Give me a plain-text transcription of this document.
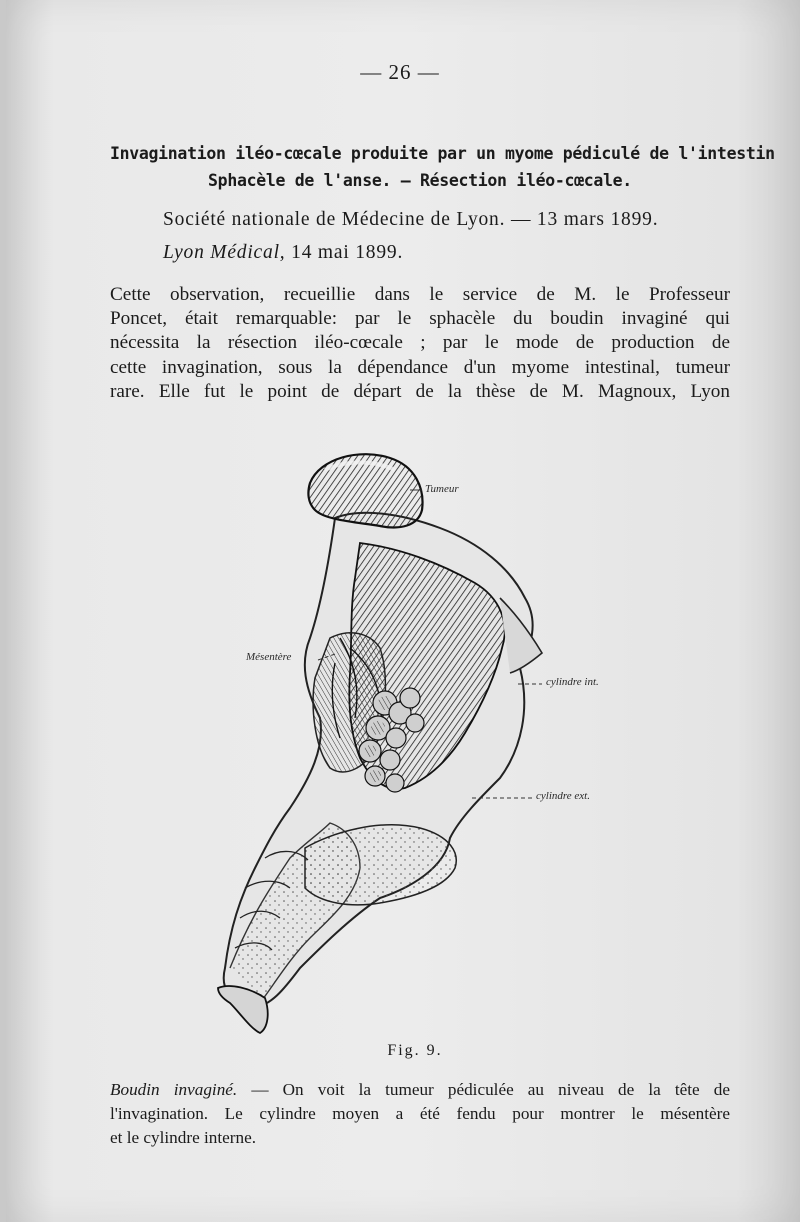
— 26 —
Invagination iléo-cœcale produite par un myome pédiculé de l'intestin
Sphacèle de l'anse. — Résection iléo-cœcale.
Société nationale de Médecine de Lyon. — 13 mars 1899.
Lyon Médical, 14 mai 1899.
Cette observation, recueillie dans le service de M. le Professeur
Poncet, était remarquable: par le sphacèle du boudin invaginé qui
nécessita la résection iléo-cœcale ; par le mode de production de
cette invagination, sous la dépendance d'un myome intestinal, tumeur
rare. Elle fut le point de départ de la thèse de M. Magnoux, Lyon
Tumeur
Mésentère
cylindre int.
cylindre ext.
Fig. 9.
Boudin invaginé. — On voit la tumeur pédiculée au niveau de la tête de
l'invagination. Le cylindre moyen a été fendu pour montrer le mésentère
et le cylindre interne.
